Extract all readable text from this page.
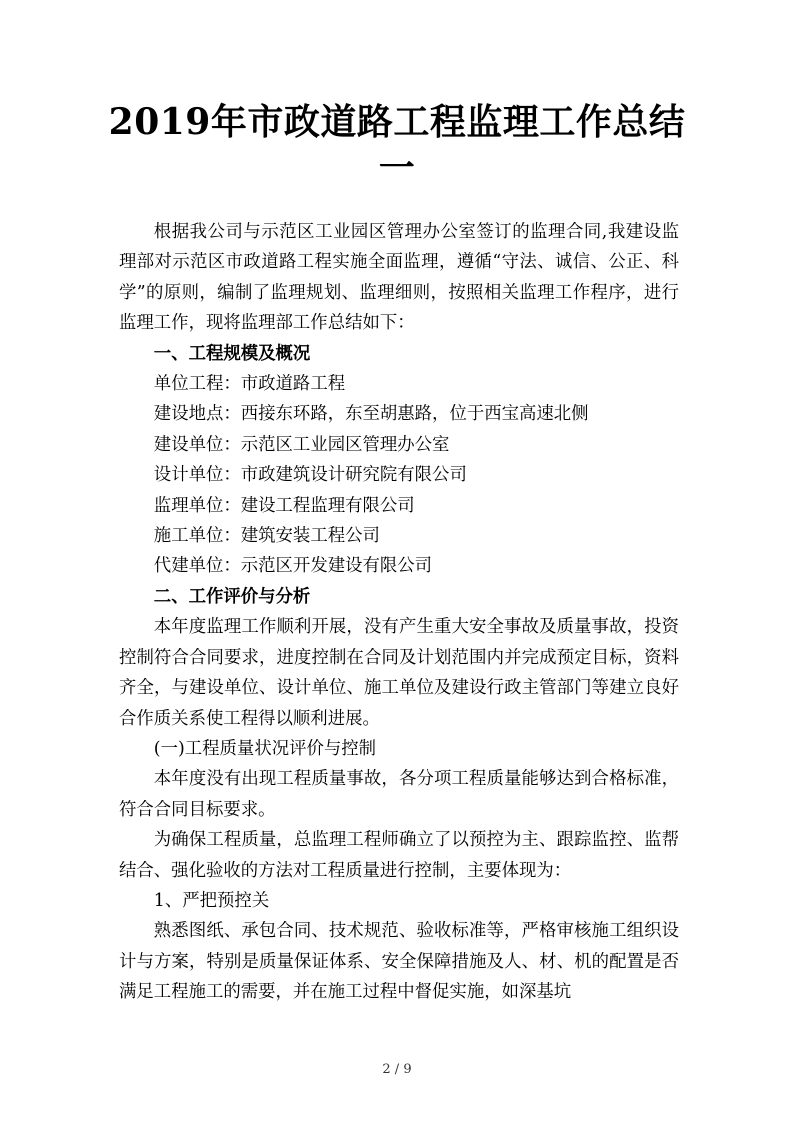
2019年市政道路工程监理工作总结
一

根据我公司与示范区工业园区管理办公室签订的监理合同,我建设监理部对示范区市政道路工程实施全面监理，遵循“守法、诚信、公正、科学”的原则，编制了监理规划、监理细则，按照相关监理工作程序，进行监理工作，现将监理部工作总结如下：

一、工程规模及概况

单位工程：市政道路工程

建设地点：西接东环路，东至胡惠路，位于西宝高速北侧

建设单位：示范区工业园区管理办公室

设计单位：市政建筑设计研究院有限公司

监理单位：建设工程监理有限公司

施工单位：建筑安装工程公司

代建单位：示范区开发建设有限公司

二、工作评价与分析

本年度监理工作顺利开展，没有产生重大安全事故及质量事故，投资控制符合合同要求，进度控制在合同及计划范围内并完成预定目标，资料齐全，与建设单位、设计单位、施工单位及建设行政主管部门等建立良好合作质关系使工程得以顺利进展。

(一)工程质量状况评价与控制

本年度没有出现工程质量事故，各分项工程质量能够达到合格标准，符合合同目标要求。

为确保工程质量，总监理工程师确立了以预控为主、跟踪监控、监帮结合、强化验收的方法对工程质量进行控制，主要体现为：

1、严把预控关

熟悉图纸、承包合同、技术规范、验收标准等，严格审核施工组织设计与方案，特别是质量保证体系、安全保障措施及人、材、机的配置是否满足工程施工的需要，并在施工过程中督促实施，如深基坑

2 / 9
